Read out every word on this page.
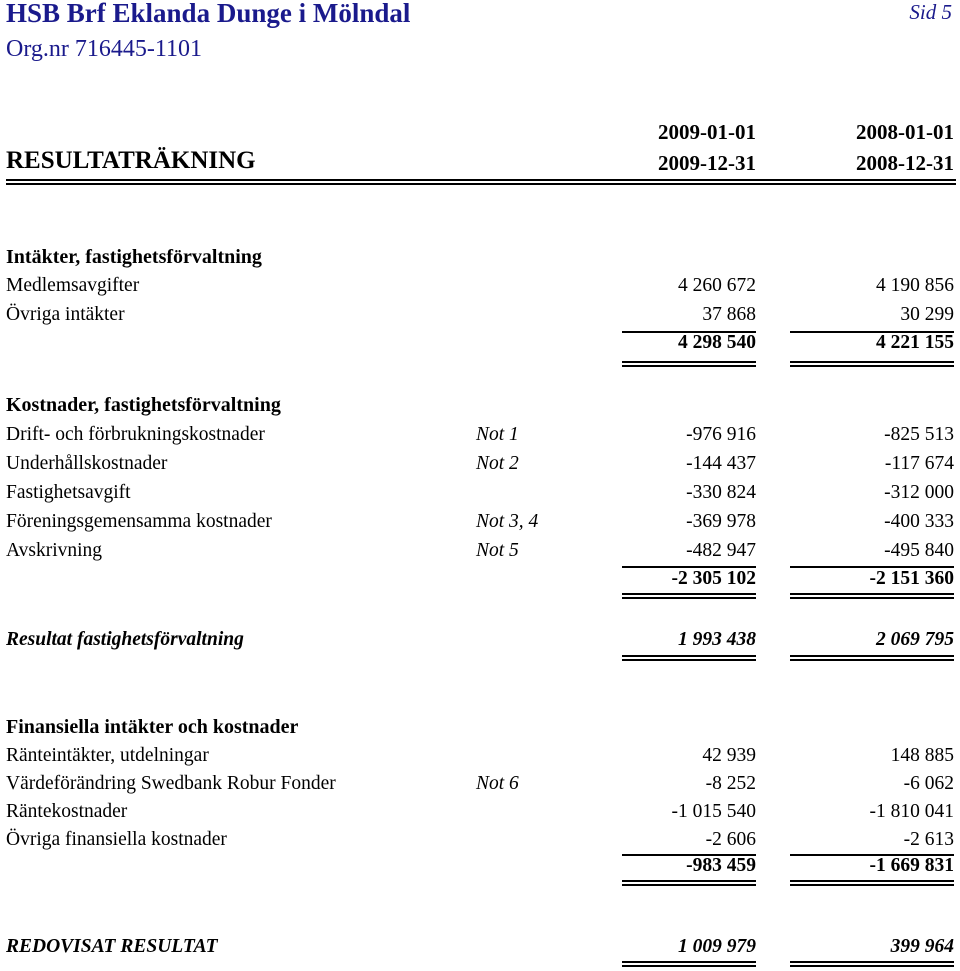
HSB Brf Eklanda Dunge i Mölndal	Sid 5
Org.nr 716445-1101
2009-01-01	2008-01-01
RESULTATRÄKNING	2009-12-31	2008-12-31
Intäkter, fastighetsförvaltning
Medlemsavgifter	4 260 672	4 190 856
Övriga intäkter	37 868	30 299
4 298 540	4 221 155
Kostnader, fastighetsförvaltning
Drift- och förbrukningskostnader	Not 1	-976 916	-825 513
Underhållskostnader	Not 2	-144 437	-117 674
Fastighetsavgift	-330 824	-312 000
Föreningsgemensamma kostnader	Not 3, 4	-369 978	-400 333
Avskrivning	Not 5	-482 947	-495 840
-2 305 102	-2 151 360
Resultat fastighetsförvaltning	1 993 438	2 069 795
Finansiella intäkter och kostnader
Ränteintäkter, utdelningar	42 939	148 885
Värdeförändring Swedbank Robur Fonder	Not 6	-8 252	-6 062
Räntekostnader	-1 015 540	-1 810 041
Övriga finansiella kostnader	-2 606	-2 613
-983 459	-1 669 831
REDOVISAT RESULTAT	1 009 979	399 964
